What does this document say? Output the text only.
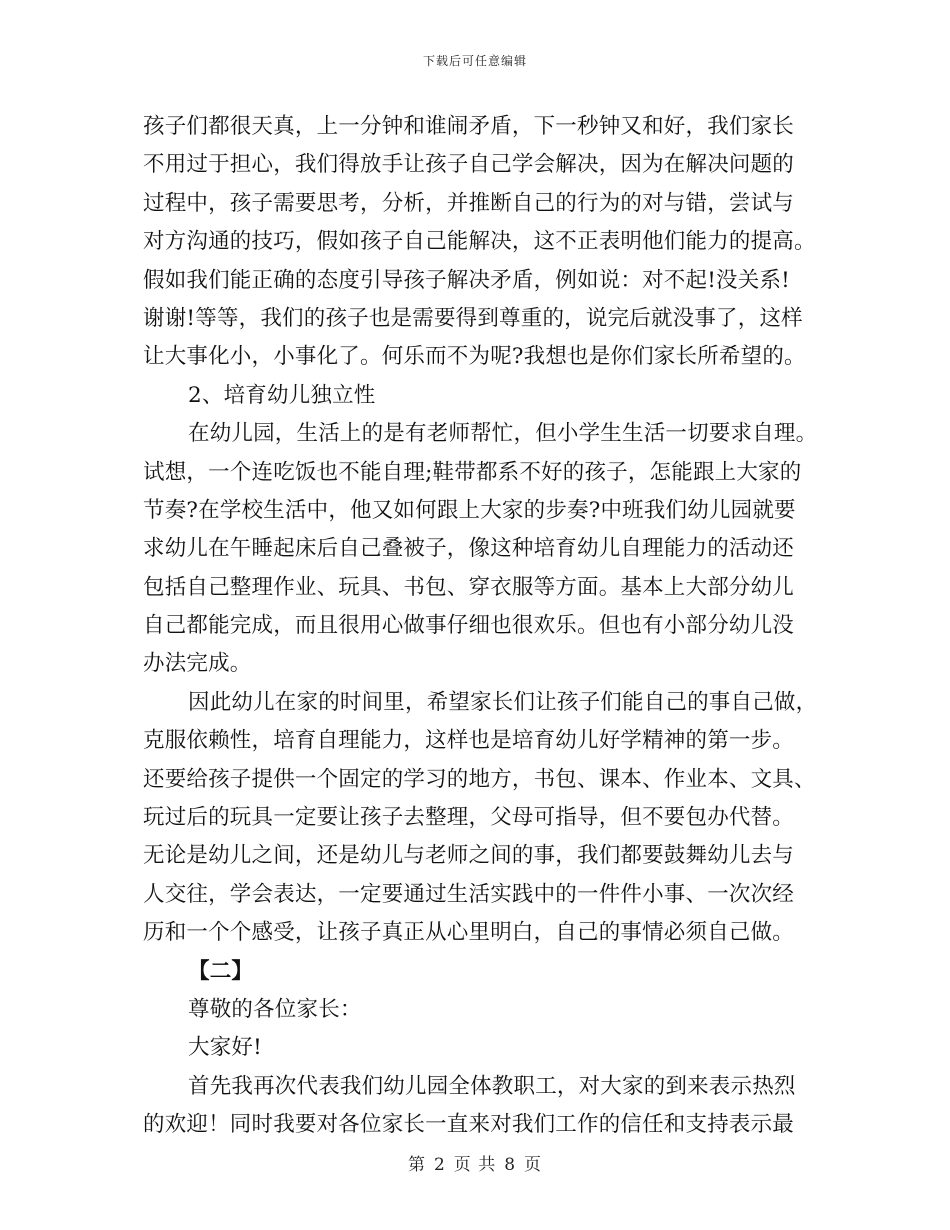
下载后可任意编辑
孩子们都很天真，上一分钟和谁闹矛盾，下一秒钟又和好，我们家长
不用过于担心，我们得放手让孩子自己学会解决，因为在解决问题的
过程中，孩子需要思考，分析，并推断自己的行为的对与错，尝试与
对方沟通的技巧，假如孩子自己能解决，这不正表明他们能力的提高。
假如我们能正确的态度引导孩子解决矛盾，例如说：对不起!没关系!
谢谢!等等，我们的孩子也是需要得到尊重的，说完后就没事了，这样
让大事化小，小事化了。何乐而不为呢?我想也是你们家长所希望的。
2、培育幼儿独立性
在幼儿园，生活上的是有老师帮忙，但小学生生活一切要求自理。
试想，一个连吃饭也不能自理;鞋带都系不好的孩子，怎能跟上大家的
节奏?在学校生活中，他又如何跟上大家的步奏?中班我们幼儿园就要
求幼儿在午睡起床后自己叠被子，像这种培育幼儿自理能力的活动还
包括自己整理作业、玩具、书包、穿衣服等方面。基本上大部分幼儿
自己都能完成，而且很用心做事仔细也很欢乐。但也有小部分幼儿没
办法完成。
因此幼儿在家的时间里，希望家长们让孩子们能自己的事自己做，
克服依赖性，培育自理能力，这样也是培育幼儿好学精神的第一步。
还要给孩子提供一个固定的学习的地方，书包、课本、作业本、文具、
玩过后的玩具一定要让孩子去整理，父母可指导，但不要包办代替。
无论是幼儿之间，还是幼儿与老师之间的事，我们都要鼓舞幼儿去与
人交往，学会表达，一定要通过生活实践中的一件件小事、一次次经
历和一个个感受，让孩子真正从心里明白，自己的事情必须自己做。
【二】
尊敬的各位家长：
大家好!
首先我再次代表我们幼儿园全体教职工，对大家的到来表示热烈
的欢迎！同时我要对各位家长一直来对我们工作的信任和支持表示最
第 2 页 共 8 页
